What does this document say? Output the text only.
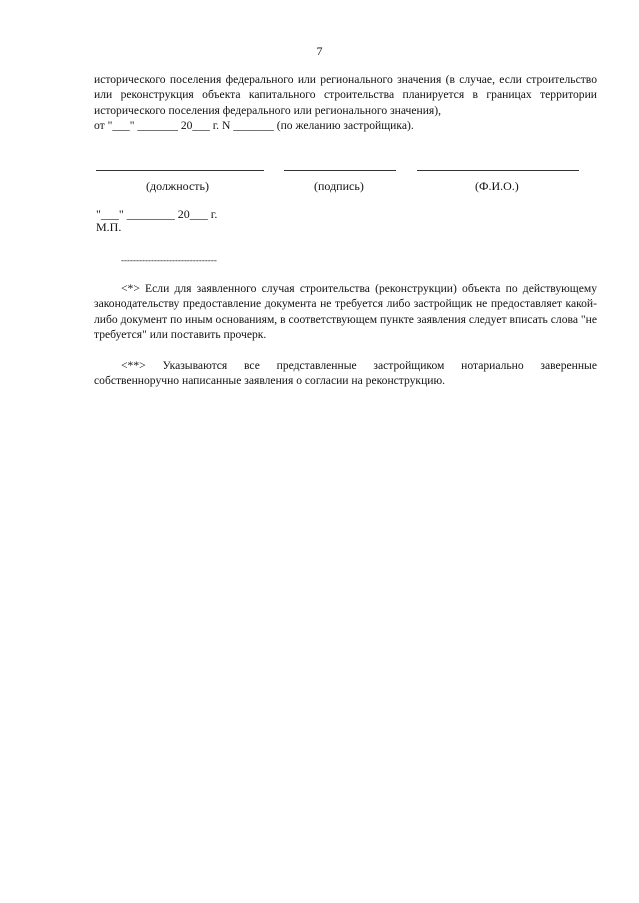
7
исторического поселения федерального или регионального значения (в случае, если строительство или реконструкция объекта капитального строительства планируется в границах территории исторического поселения федерального или регионального значения),
от "___" _______ 20___ г. N _______ (по желанию застройщика).
(должность)	(подпись)	(Ф.И.О.)
"___" ________ 20___ г.
М.П.
--------------------------------
<*> Если для заявленного случая строительства (реконструкции) объекта по действующему законодательству предоставление документа не требуется либо застройщик не предоставляет какой-либо документ по иным основаниям, в соответствующем пункте заявления следует вписать слова "не требуется" или поставить прочерк.
<**> Указываются все представленные застройщиком нотариально заверенные собственноручно написанные заявления о согласии на реконструкцию.
